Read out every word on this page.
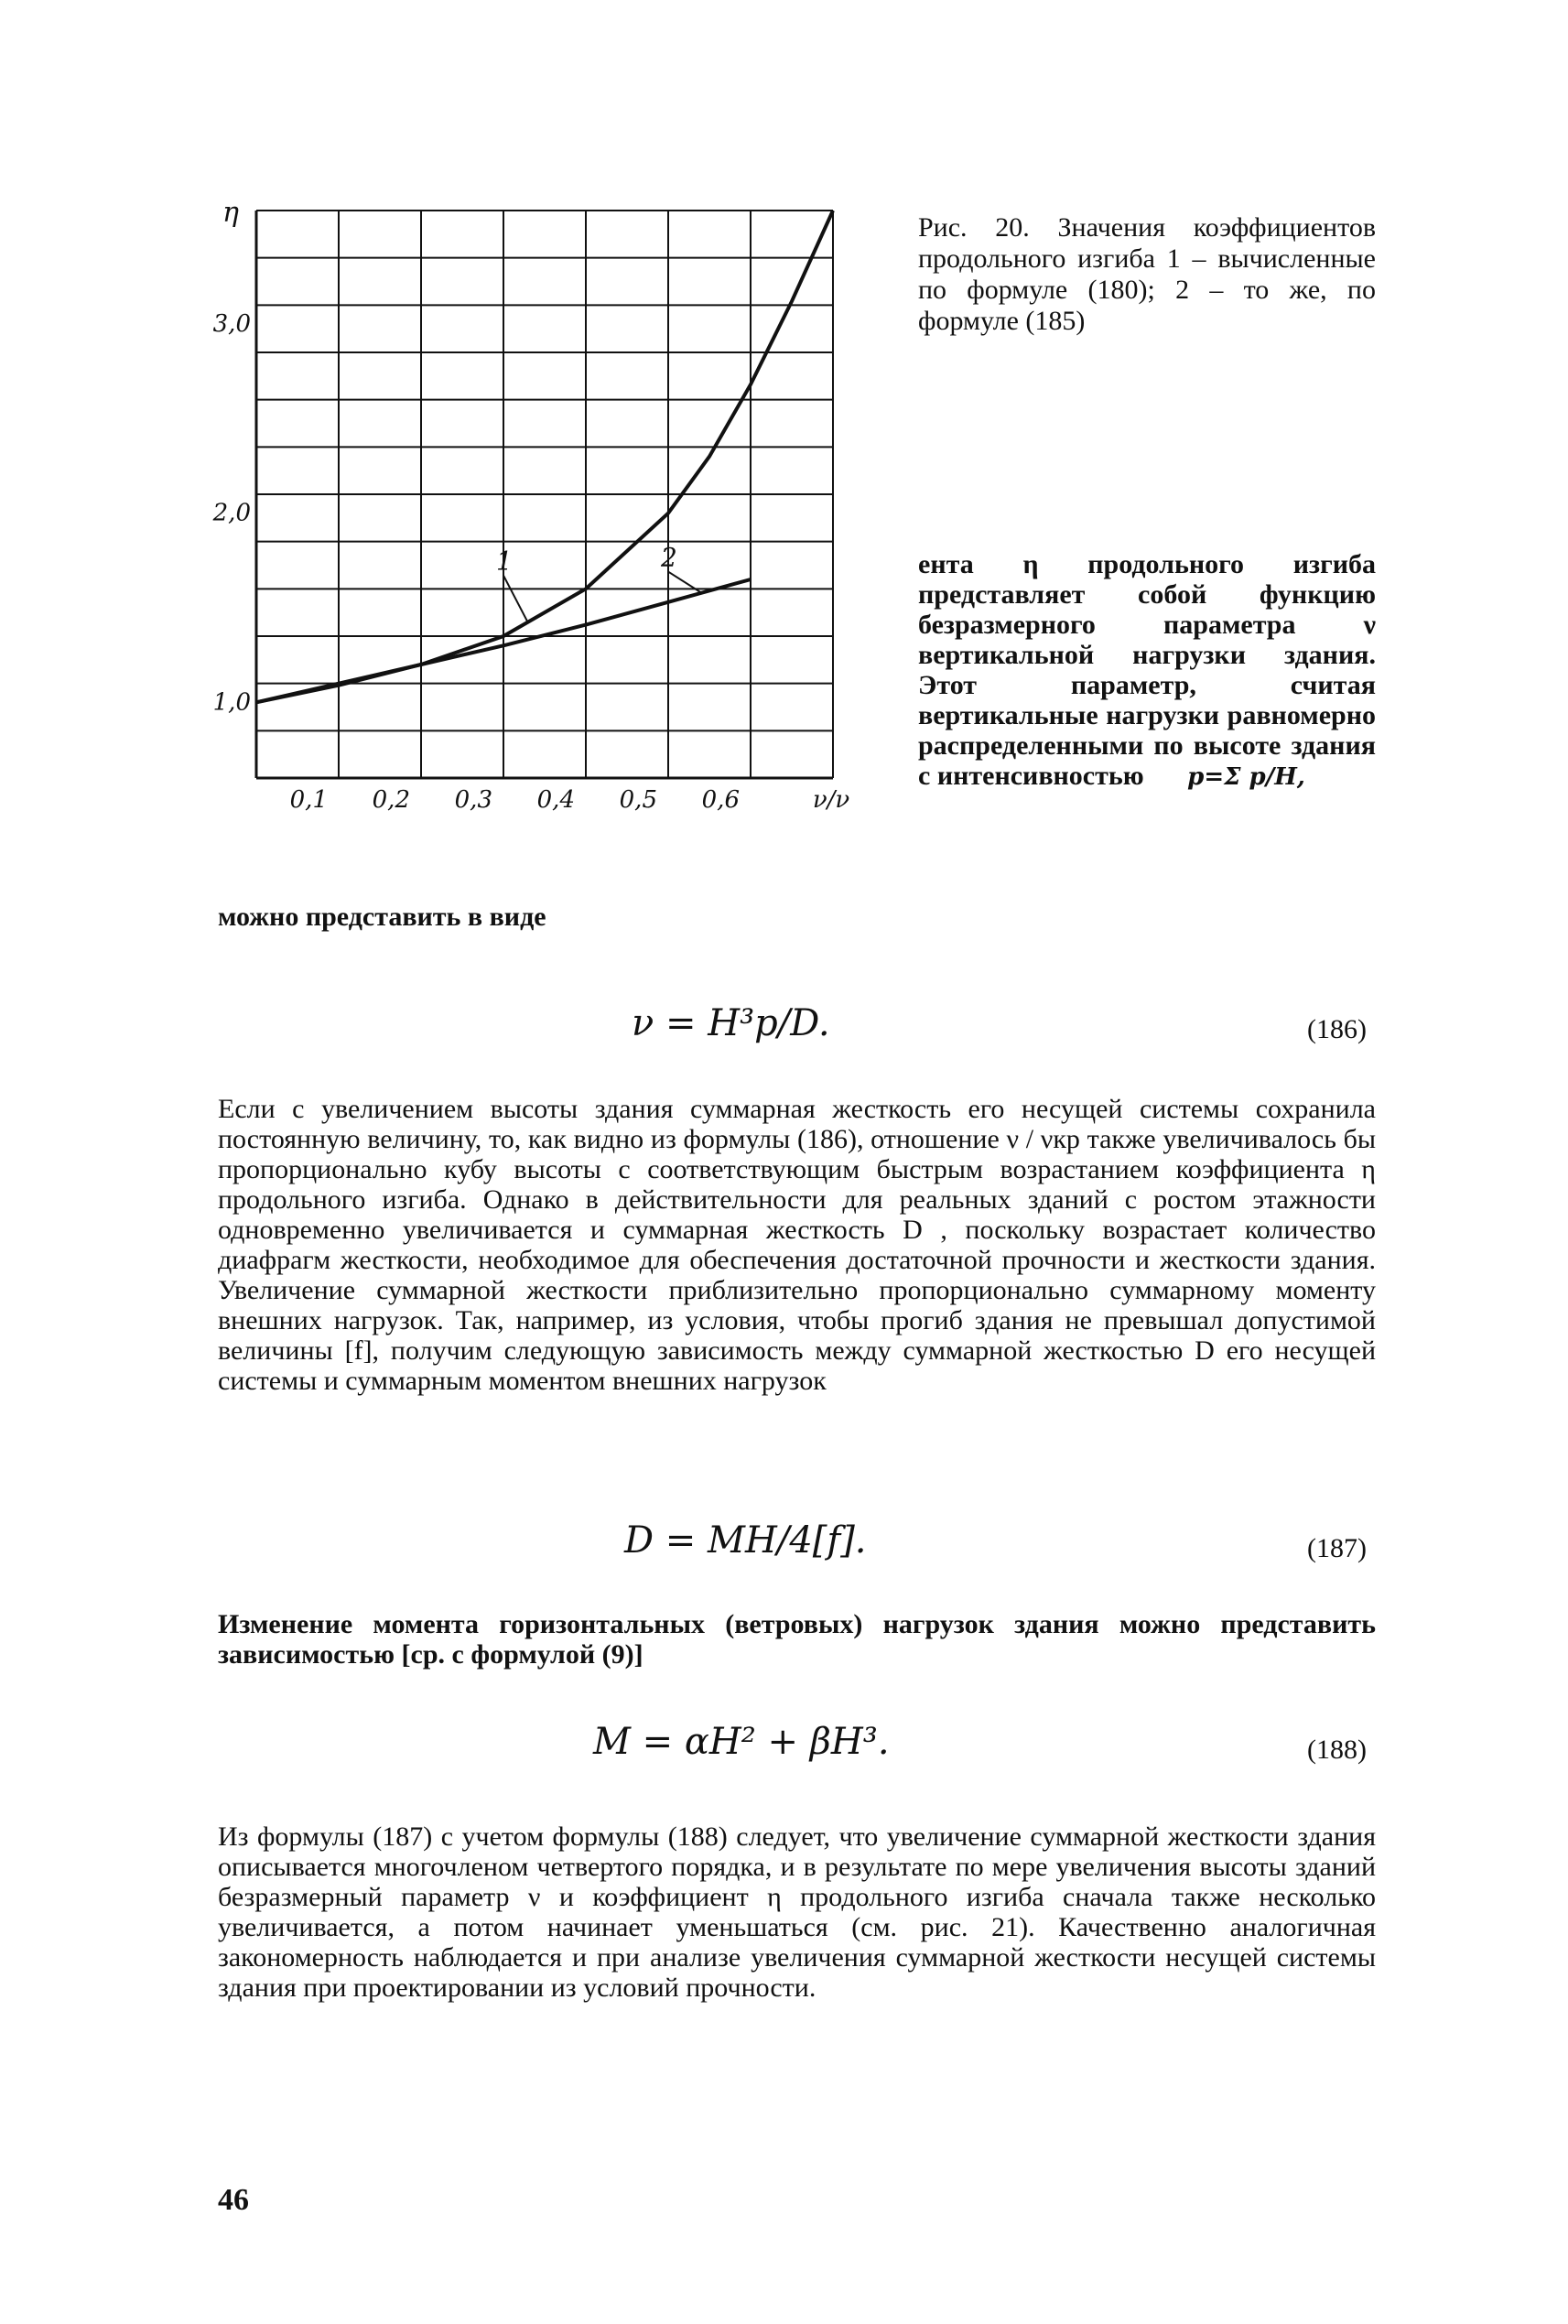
0,1 0,2 0,3 0,4 0,5 0,6	ν/ν
1,0
2,0
3,0
η
1	2
Рис. 20. Значения коэффициентов продольного изгиба 1 – вычисленные по формуле (180); 2 – то же, по формуле (185)
ента η продольного изгиба представляет собой функцию безразмерного параметра ν вертикальной нагрузки здания. Этот параметр, считая вертикальные нагрузки равномерно распределенными по высоте здания с интенсивностью p=Σ p/H,
можно представить в виде
ν = H³p/D.	(186)
Если с увеличением высоты здания суммарная жесткость его несущей системы сохранила постоянную величину, то, как видно из формулы (186), отношение ν / νкр также увеличивалось бы пропорционально кубу высоты с соответствующим быстрым возрастанием коэффициента η продольного изгиба. Однако в действительности для реальных зданий с ростом этажности одновременно увеличивается и суммарная жесткость D , поскольку возрастает количество диафрагм жесткости, необходимое для обеспечения достаточной прочности и жесткости здания. Увеличение суммарной жесткости приблизительно пропорционально суммарному моменту внешних нагрузок. Так, например, из условия, чтобы прогиб здания не превышал допустимой величины [f], получим следующую зависимость между суммарной жесткостью D его несущей системы и суммарным моментом внешних нагрузок
D = MH/4[f].	(187)
Изменение момента горизонтальных (ветровых) нагрузок здания можно представить зависимостью [ср. с формулой (9)]
M = αH² + βH³.	(188)
Из формулы (187) с учетом формулы (188) следует, что увеличение суммарной жесткости здания описывается многочленом четвертого порядка, и в результате по мере увеличения высоты зданий безразмерный параметр ν и коэффициент η продольного изгиба сначала также несколько увеличивается, а потом начинает уменьшаться (см. рис. 21). Качественно аналогичная закономерность наблюдается и при анализе увеличения суммарной жесткости несущей системы здания при проектировании из условий прочности.
46
